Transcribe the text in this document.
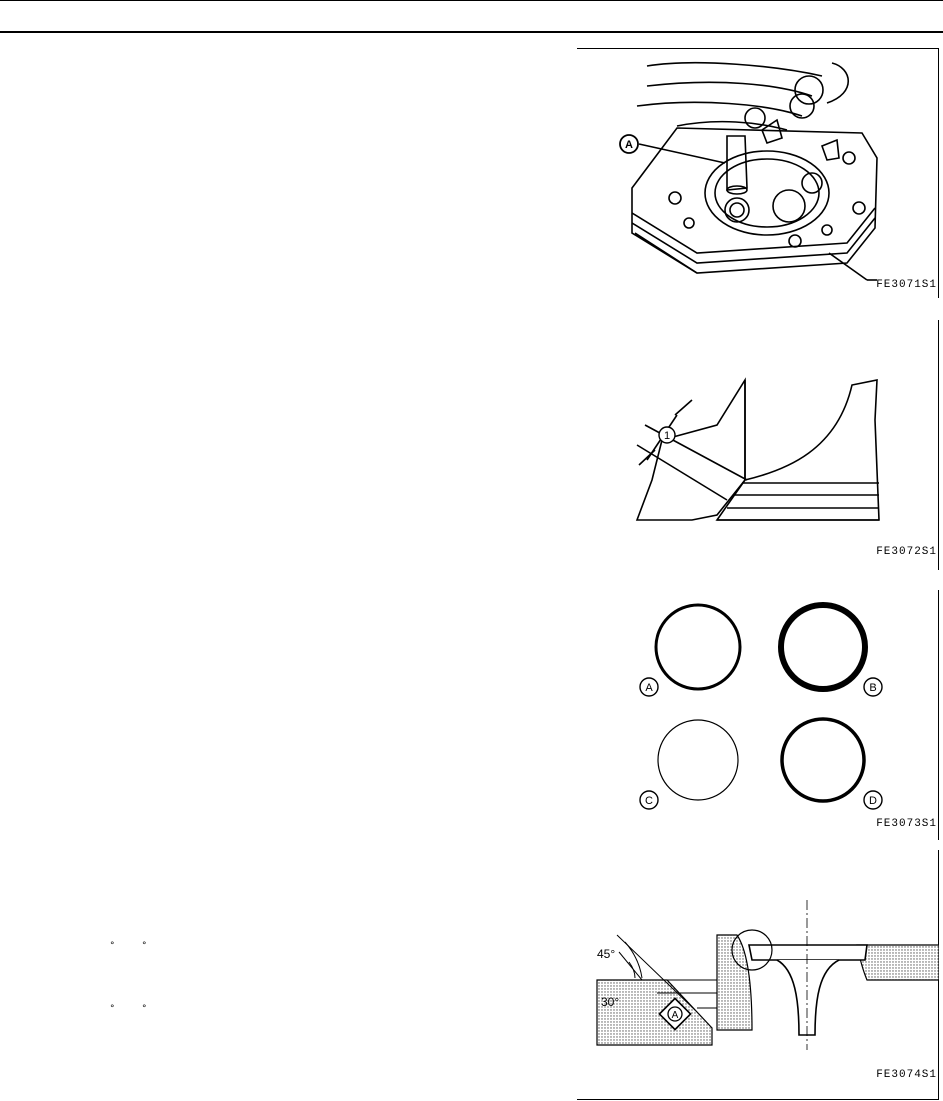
°	°
°	°
A
FE3071S1
1
FE3072S1
A	B
C	D
FE3073S1
A
45°
30°
FE3074S1
